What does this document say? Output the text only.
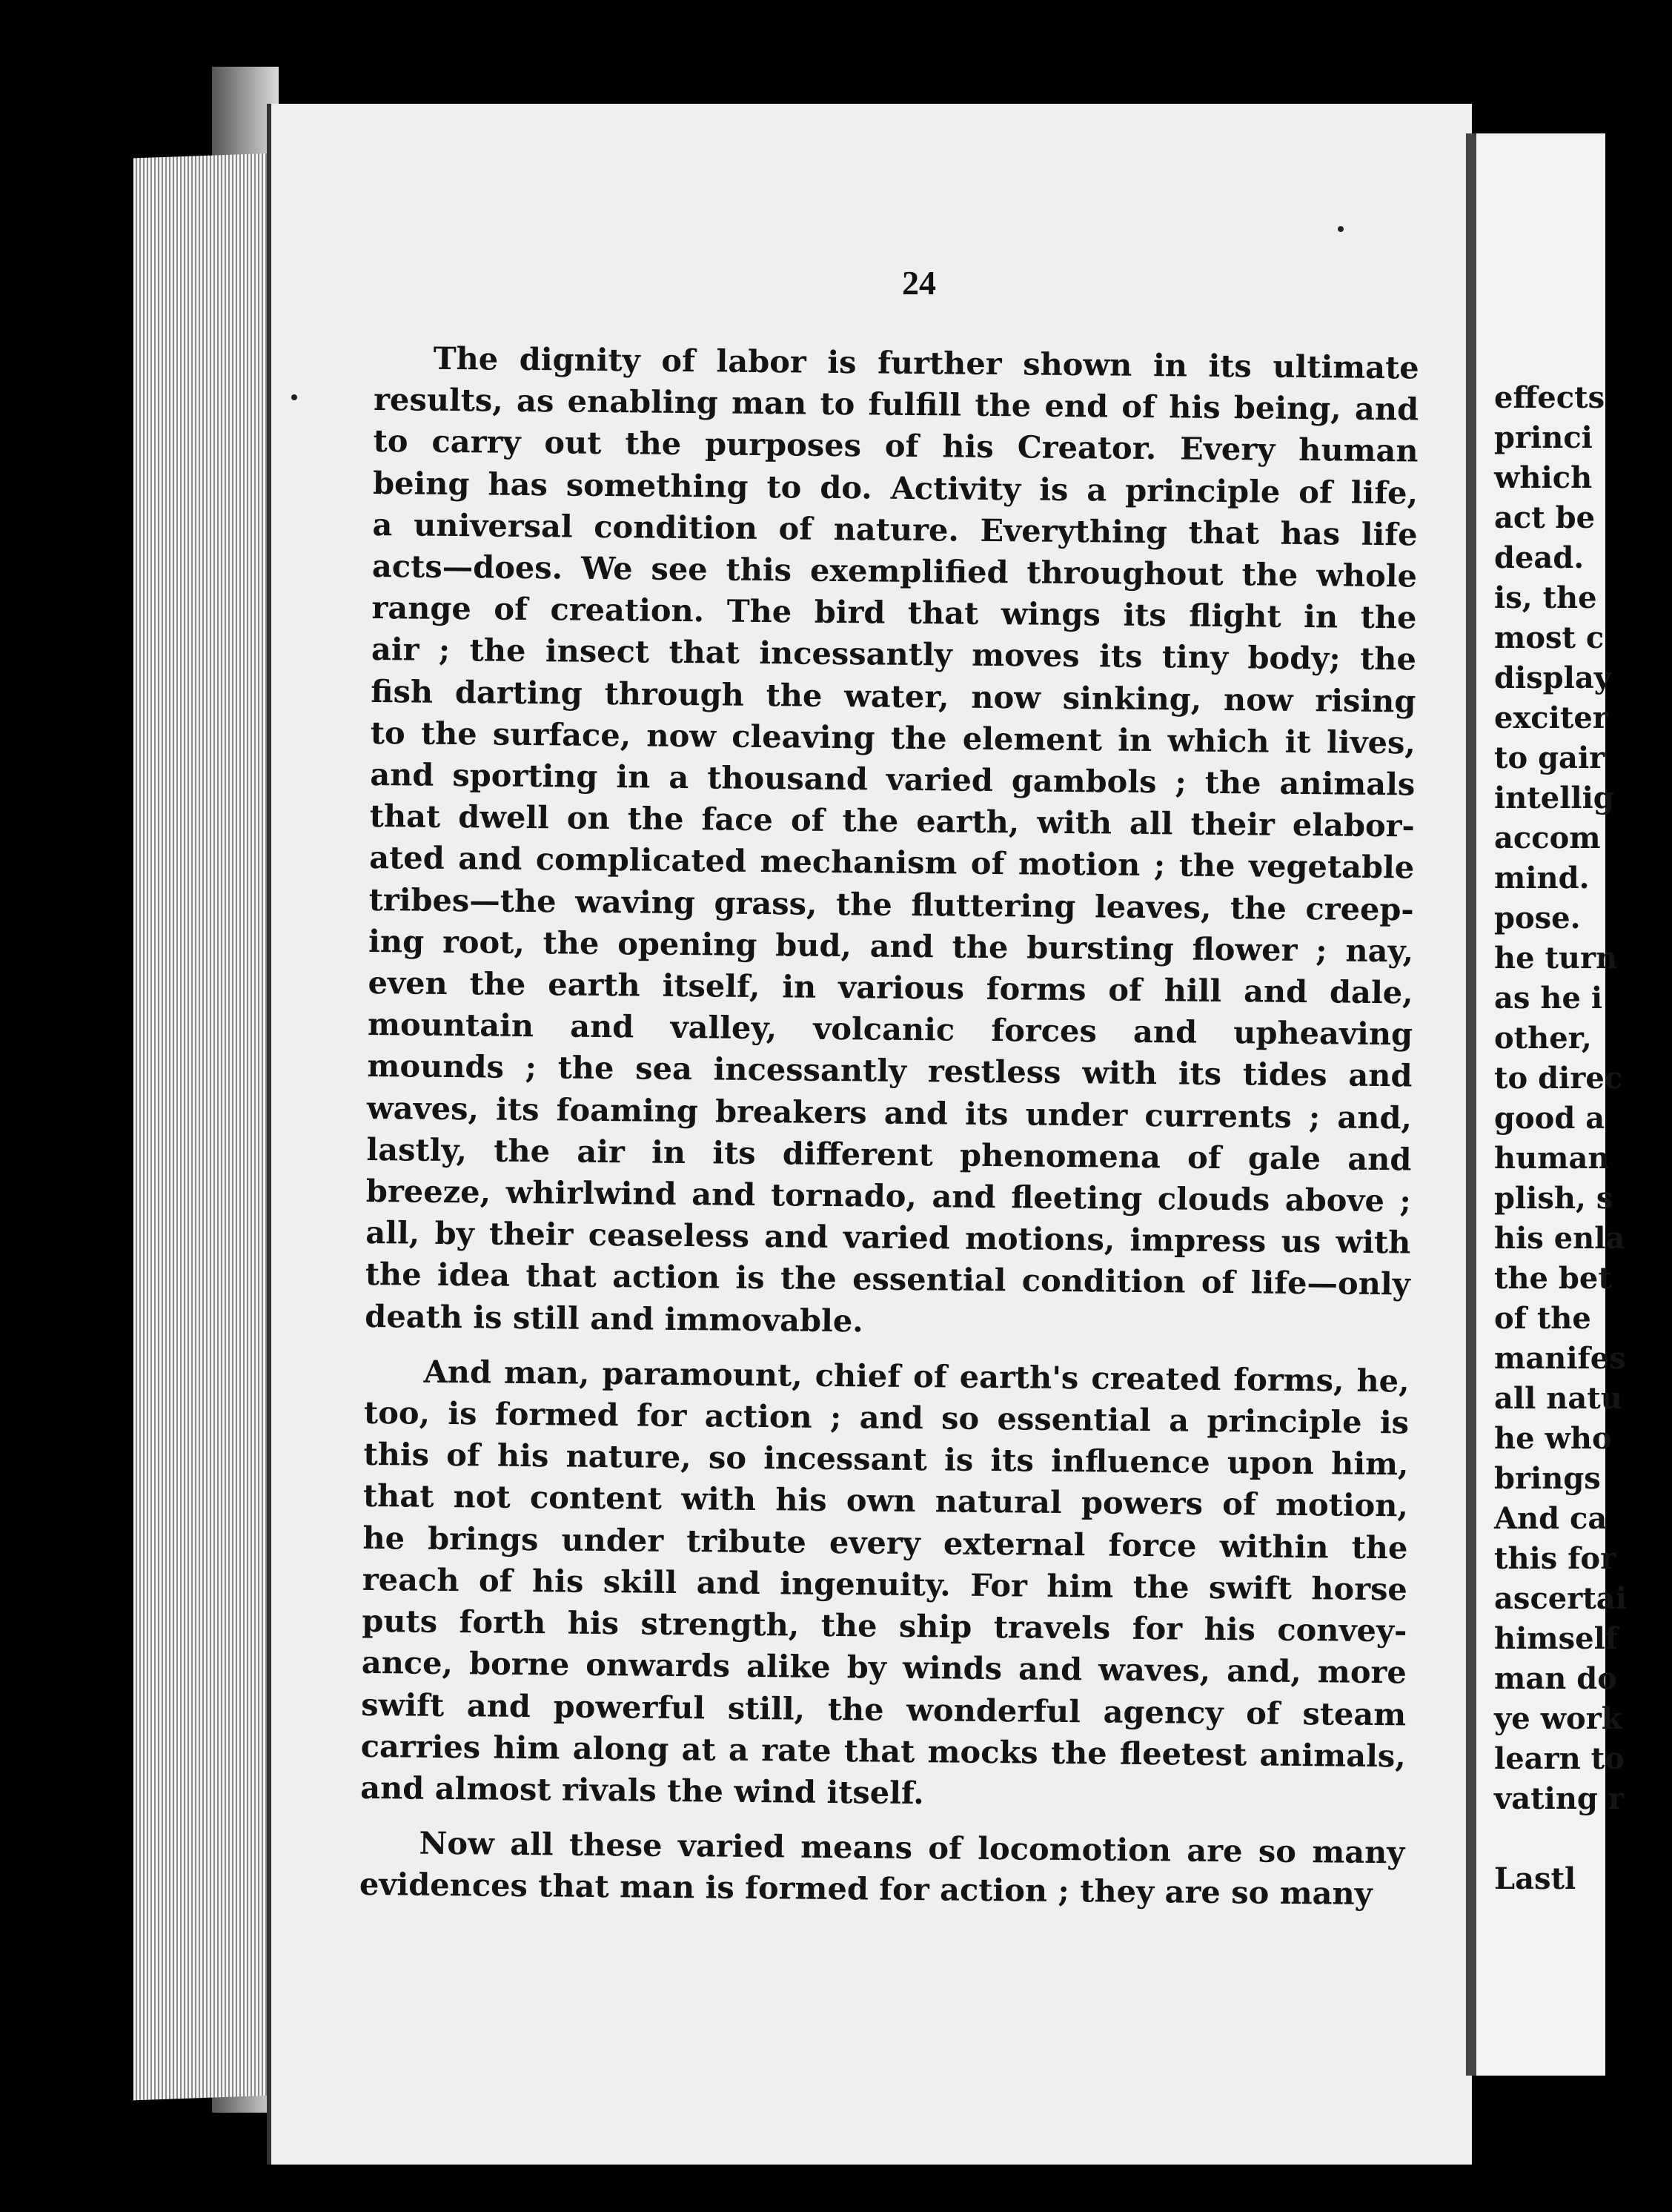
effects
princi
which
act be
dead.
is, the
most c
display
exciter
to gair
intellig
accom
mind.
pose.
he turn
as he i
other,
to direc
good a
human
plish, s
his enla
the bet
of the
manifes
all natu
he who
brings
And ca
this for
ascertai
himself
man do
ye work
learn to
vating r

Lastl
24
The dignity of labor is further shown in its ultimate
results, as enabling man to fulfill the end of his being, and
to carry out the purposes of his Creator. Every human
being has something to do. Activity is a principle of life,
a universal condition of nature. Everything that has life
acts—does. We see this exemplified throughout the whole
range of creation. The bird that wings its flight in the
air ; the insect that incessantly moves its tiny body; the
fish darting through the water, now sinking, now rising
to the surface, now cleaving the element in which it lives,
and sporting in a thousand varied gambols ; the animals
that dwell on the face of the earth, with all their elabor-
ated and complicated mechanism of motion ; the vegetable
tribes—the waving grass, the fluttering leaves, the creep-
ing root, the opening bud, and the bursting flower ; nay,
even the earth itself, in various forms of hill and dale,
mountain and valley, volcanic forces and upheaving
mounds ; the sea incessantly restless with its tides and
waves, its foaming breakers and its under currents ; and,
lastly, the air in its different phenomena of gale and
breeze, whirlwind and tornado, and fleeting clouds above ;
all, by their ceaseless and varied motions, impress us with
the idea that action is the essential condition of life—only
death is still and immovable.
And man, paramount, chief of earth's created forms, he,
too, is formed for action ; and so essential a principle is
this of his nature, so incessant is its influence upon him,
that not content with his own natural powers of motion,
he brings under tribute every external force within the
reach of his skill and ingenuity. For him the swift horse
puts forth his strength, the ship travels for his convey-
ance, borne onwards alike by winds and waves, and, more
swift and powerful still, the wonderful agency of steam
carries him along at a rate that mocks the fleetest animals,
and almost rivals the wind itself.
Now all these varied means of locomotion are so many
evidences that man is formed for action ; they are so many
